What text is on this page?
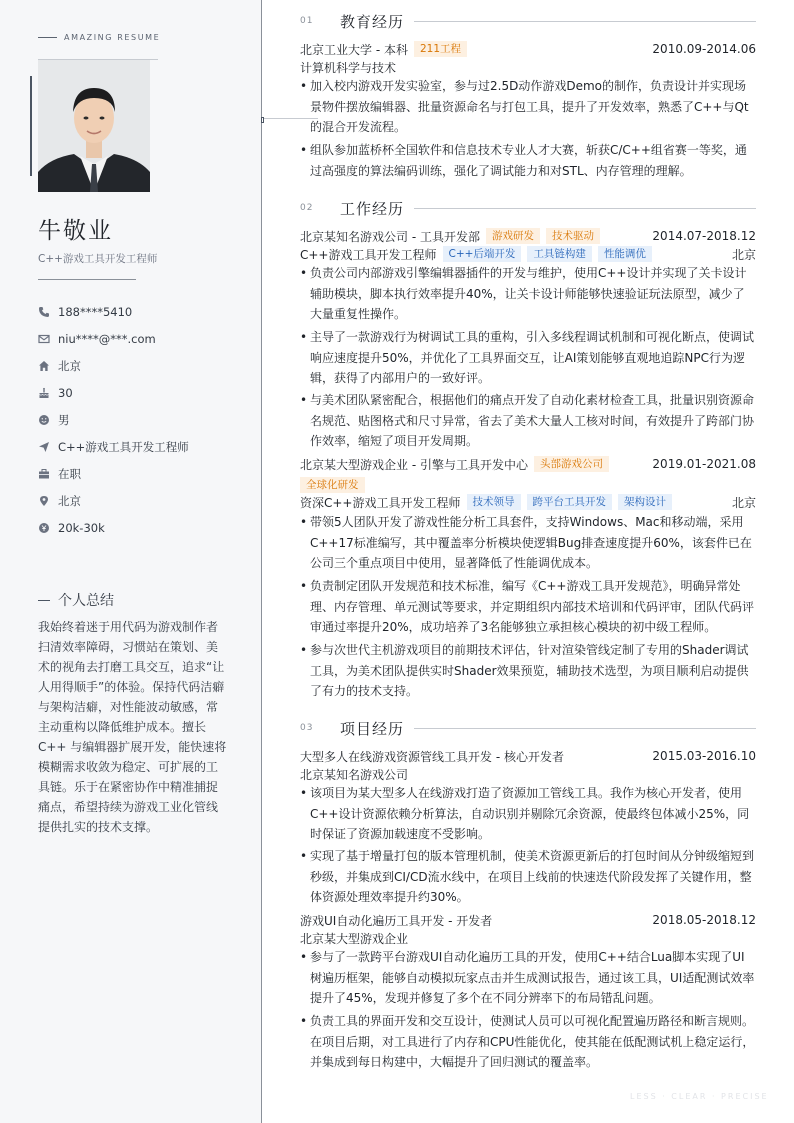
AMAZING RESUME
牛敬业
C++游戏工具开发工程师
188****5410
niu****@***.com
北京
30
男
C++游戏工具开发工程师
在职
北京
20k-30k
个人总结
我始终着迷于用代码为游戏制作者扫清效率障碍，习惯站在策划、美术的视角去打磨工具交互，追求“让人用得顺手”的体验。保持代码洁癖与架构洁癖，对性能波动敏感，常主动重构以降低维护成本。擅长 C++ 与编辑器扩展开发，能快速将模糊需求收敛为稳定、可扩展的工具链。乐于在紧密协作中精准捕捉痛点，希望持续为游戏工业化管线提供扎实的技术支撑。
01	教育经历
北京工业大学 - 本科	211工程	2010.09-2014.06
计算机科学与技术
• 加入校内游戏开发实验室，参与过2.5D动作游戏Demo的制作，负责设计并实现场景物件摆放编辑器、批量资源命名与打包工具，提升了开发效率，熟悉了C++与Qt的混合开发流程。
• 组队参加蓝桥杯全国软件和信息技术专业人才大赛，斩获C/C++组省赛一等奖，通过高强度的算法编码训练，强化了调试能力和对STL、内存管理的理解。
02	工作经历
北京某知名游戏公司 - 工具开发部	游戏研发	技术驱动	2014.07-2018.12
C++游戏工具开发工程师	C++后端开发	工具链构建	性能调优	北京
• 负责公司内部游戏引擎编辑器插件的开发与维护，使用C++设计并实现了关卡设计辅助模块，脚本执行效率提升40%，让关卡设计师能够快速验证玩法原型，减少了大量重复性操作。
• 主导了一款游戏行为树调试工具的重构，引入多线程调试机制和可视化断点，使调试响应速度提升50%，并优化了工具界面交互，让AI策划能够直观地追踪NPC行为逻辑，获得了内部用户的一致好评。
• 与美术团队紧密配合，根据他们的痛点开发了自动化素材检查工具，批量识别资源命名规范、贴图格式和尺寸异常，省去了美术大量人工核对时间，有效提升了跨部门协作效率，缩短了项目开发周期。
北京某大型游戏企业 - 引擎与工具开发中心	头部游戏公司	2019.01-2021.08
全球化研发
资深C++游戏工具开发工程师	技术领导	跨平台工具开发	架构设计	北京
• 带领5人团队开发了游戏性能分析工具套件，支持Windows、Mac和移动端，采用C++17标准编写，其中覆盖率分析模块使逻辑Bug排查速度提升60%，该套件已在公司三个重点项目中使用，显著降低了性能调优成本。
• 负责制定团队开发规范和技术标准，编写《C++游戏工具开发规范》，明确异常处理、内存管理、单元测试等要求，并定期组织内部技术培训和代码评审，团队代码评审通过率提升20%，成功培养了3名能够独立承担核心模块的初中级工程师。
• 参与次世代主机游戏项目的前期技术评估，针对渲染管线定制了专用的Shader调试工具，为美术团队提供实时Shader效果预览，辅助技术选型，为项目顺利启动提供了有力的技术支持。
03	项目经历
大型多人在线游戏资源管线工具开发 - 核心开发者	2015.03-2016.10
北京某知名游戏公司
• 该项目为某大型多人在线游戏打造了资源加工管线工具。我作为核心开发者，使用C++设计资源依赖分析算法，自动识别并剔除冗余资源，使最终包体减小25%，同时保证了资源加载速度不受影响。
• 实现了基于增量打包的版本管理机制，使美术资源更新后的打包时间从分钟级缩短到秒级，并集成到CI/CD流水线中，在项目上线前的快速迭代阶段发挥了关键作用，整体资源处理效率提升约30%。
游戏UI自动化遍历工具开发 - 开发者	2018.05-2018.12
北京某大型游戏企业
• 参与了一款跨平台游戏UI自动化遍历工具的开发，使用C++结合Lua脚本实现了UI树遍历框架，能够自动模拟玩家点击并生成测试报告，通过该工具，UI适配测试效率提升了45%，发现并修复了多个在不同分辨率下的布局错乱问题。
• 负责工具的界面开发和交互设计，使测试人员可以可视化配置遍历路径和断言规则。在项目后期，对工具进行了内存和CPU性能优化，使其能在低配测试机上稳定运行，并集成到每日构建中，大幅提升了回归测试的覆盖率。
LESS · CLEAR · PRECISE
